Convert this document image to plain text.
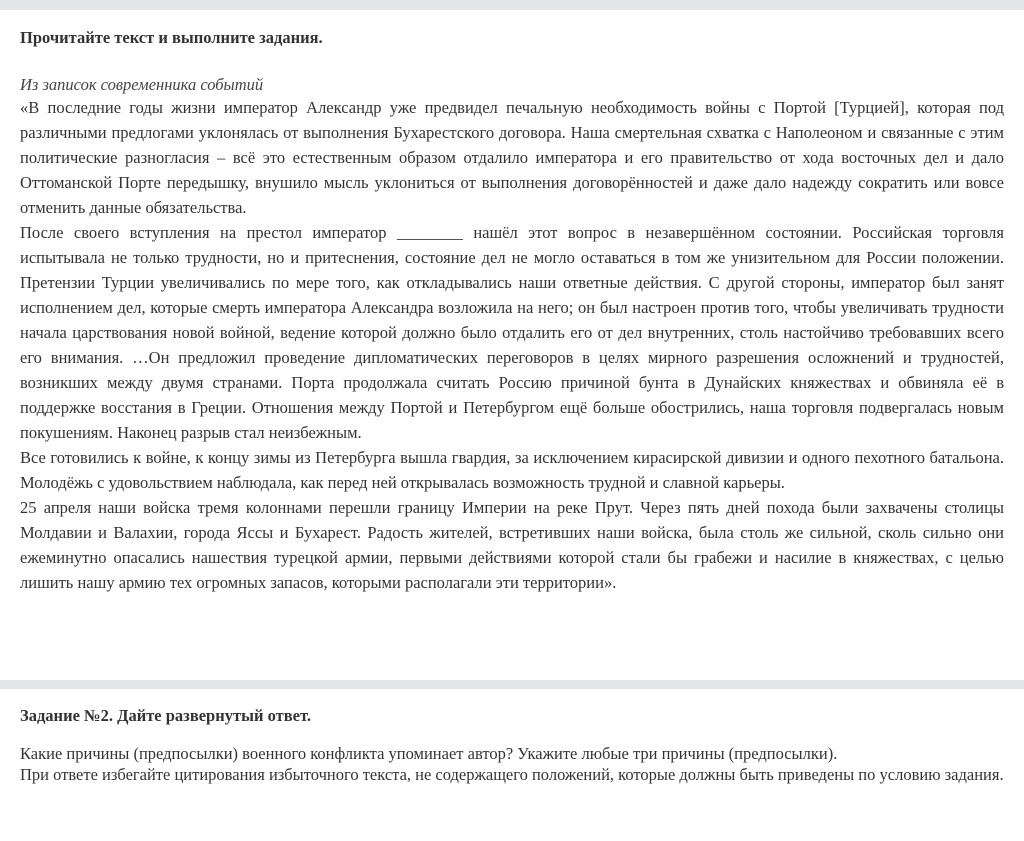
Прочитайте текст и выполните задания.

Из записок современника событий

«В последние годы жизни император Александр уже предвидел печальную необходимость войны с Портой [Турцией], которая под различными предлогами уклонялась от выполнения Бухарестского договора. Наша смертельная схватка с Наполеоном и связанные с этим политические разногласия – всё это естественным образом отдалило императора и его правительство от хода восточных дел и дало Оттоманской Порте передышку, внушило мысль уклониться от выполнения договорённостей и даже дало надежду сократить или вовсе отменить данные обязательства.

После своего вступления на престол император ________ нашёл этот вопрос в незавершённом состоянии. Российская торговля испытывала не только трудности, но и притеснения, состояние дел не могло оставаться в том же унизительном для России положении. Претензии Турции увеличивались по мере того, как откладывались наши ответные действия. С другой стороны, император был занят исполнением дел, которые смерть императора Александра возложила на него; он был настроен против того, чтобы увеличивать трудности начала царствования новой войной, ведение которой должно было отдалить его от дел внутренних, столь настойчиво требовавших всего его внимания. …Он предложил проведение дипломатических переговоров в целях мирного разрешения осложнений и трудностей, возникших между двумя странами. Порта продолжала считать Россию причиной бунта в Дунайских княжествах и обвиняла её в поддержке восстания в Греции. Отношения между Портой и Петербургом ещё больше обострились, наша торговля подвергалась новым покушениям. Наконец разрыв стал неизбежным.

Все готовились к войне, к концу зимы из Петербурга вышла гвардия, за исключением кирасирской дивизии и одного пехотного батальона. Молодёжь с удовольствием наблюдала, как перед ней открывалась возможность трудной и славной карьеры.

25 апреля наши войска тремя колоннами перешли границу Империи на реке Прут. Через пять дней похода были захвачены столицы Молдавии и Валахии, города Яссы и Бухарест. Радость жителей, встретивших наши войска, была столь же сильной, сколь сильно они ежеминутно опасались нашествия турецкой армии, первыми действиями которой стали бы грабежи и насилие в княжествах, с целью лишить нашу армию тех огромных запасов, которыми располагали эти территории».

Задание №2. Дайте развернутый ответ.

Какие причины (предпосылки) военного конфликта упоминает автор? Укажите любые три причины (предпосылки).

При ответе избегайте цитирования избыточного текста, не содержащего положений, которые должны быть приведены по условию задания.
